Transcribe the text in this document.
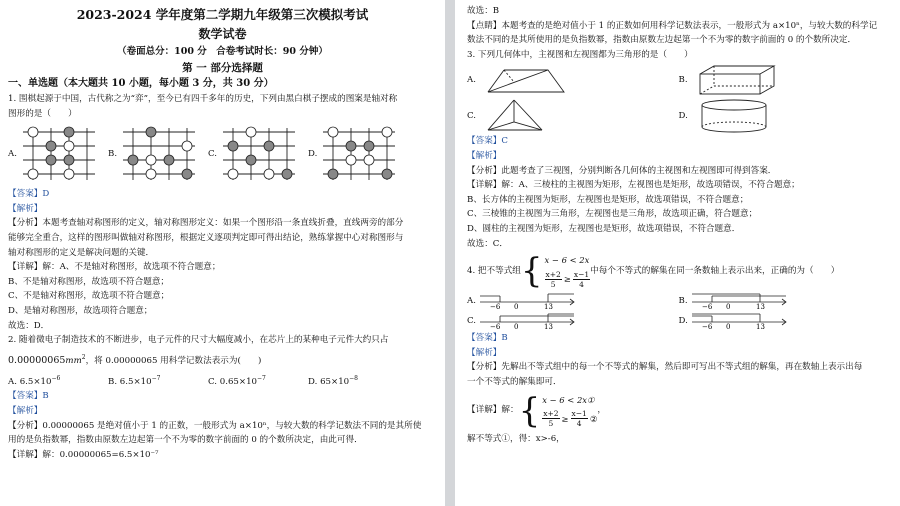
2023-2024 学年度第二学期九年级第三次模拟考试
数学试卷
（卷面总分：100 分　合卷考试时长：90 分钟）
第 一 部分选择题
一、单选题（本大题共 10 小题，每小题 3 分，共 30 分）
1. 围棋起源于中国，古代称之为“弈”，至今已有四千多年的历史，下列由黑白棋子摆成的图案是轴对称
图形的是（　　）
A.	B.	C.	D.
【答案】D
【解析】
【分析】本题考查轴对称图形的定义，轴对称图形定义：如果一个图形沿一条直线折叠，直线两旁的部分
能够完全重合，这样的图形叫做轴对称图形，根据定义逐项判定即可得出结论，熟练掌握中心对称图形与
轴对称图形的定义是解决问题的关键．
【详解】解：A、不是轴对称图形，故选项不符合题意；
B、不是轴对称图形，故选项不符合题意；
C、不是轴对称图形，故选项不符合题意；
D、是轴对称图形，故选项符合题意；
故选：D．
2. 随着微电子制造技术的不断进步，电子元件的尺寸大幅度减小，在芯片上的某种电子元件大约只占
$0.00000065mm^2$，将 0.00000065 用科学记数法表示为(　　)
A. $6.5\times 10^{-6}$	B. $6.5\times 10^{-7}$	C. $0.65\times 10^{-7}$	D. $65\times 10^{-8}$
【答案】B
【解析】
【分析】0.00000065 是绝对值小于 1 的正数，一般形式为 a×10ⁿ，与较大数的科学记数法不同的是其所使
用的是负指数幂，指数由原数左边起第一个不为零的数字前面的 0 的个数所决定，由此可得．
【详解】解：0.00000065=6.5×10⁻⁷
故选：B
【点睛】本题考查的是绝对值小于 1 的正数如何用科学记数法表示，一般形式为 a×10ⁿ，与较大数的科学记
数法不同的是其所使用的是负指数幂，指数由原数左边起第一个不为零的数字前面的 0 的个数所决定．
3. 下列几何体中，主视图和左视图都为三角形的是（　　）
A.	B.
C.	D.
【答案】C
【解析】
【分析】此题考查了三视图，分别判断各几何体的主视图和左视图即可得到答案．
【详解】解：A、三棱柱的主视图为矩形，左视图也是矩形，故选项错误，不符合题意；
B、长方体的主视图为矩形，左视图也是矩形，故选项错误，不符合题意；
C、三棱锥的主视图为三角形，左视图也是三角形，故选项正确，符合题意；
D、圆柱的主视图为矩形，左视图也是矩形，故选项错误，不符合题意．
故选：C．
4. 把不等式组 { x − 6 < 2x
$\frac{x+2}{5} \ge \frac{x-1}{4}$ 中每个不等式的解集在同一条数轴上表示出来，正确的为（　　）
A.
−6 0	13
B.
−6 0	13
C.
−6 0	13
D.
−6 0	13
【答案】B
【解析】
【分析】先解出不等式组中的每一个不等式的解集，然后即可写出不等式组的解集，再在数轴上表示出每
一个不等式的解集即可．
【详解】解： { x − 6 < 2x①
$\frac{x+2}{5} \ge \frac{x-1}{4}$ ②
，
解不等式①，得：x>-6，
